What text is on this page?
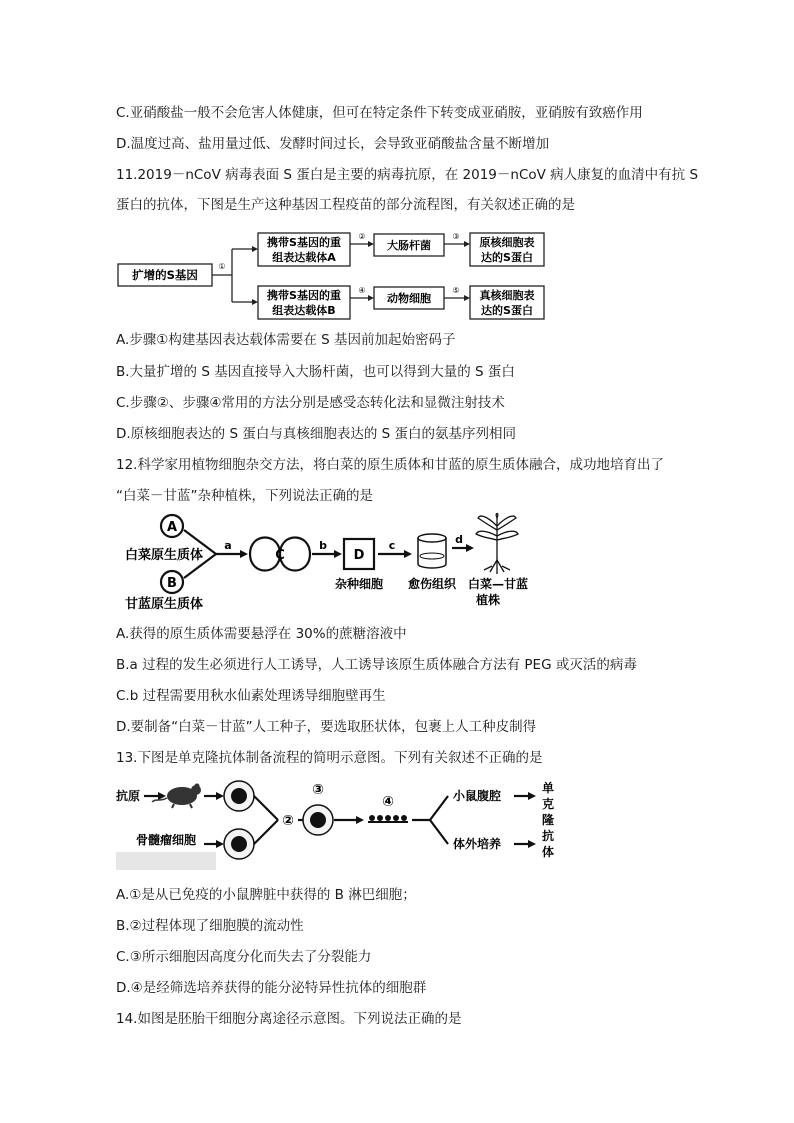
C.亚硝酸盐一般不会危害人体健康，但可在特定条件下转变成亚硝胺，亚硝胺有致癌作用
D.温度过高、盐用量过低、发酵时间过长，会导致亚硝酸盐含量不断增加
11.2019－nCoV 病毒表面 S 蛋白是主要的病毒抗原，在 2019－nCoV 病人康复的血清中有抗 S
蛋白的抗体，下图是生产这种基因工程疫苗的部分流程图，有关叙述正确的是
扩增的S基因
①
携带S基因的重
组表达载体A
携带S基因的重
组表达载体B
②
④
大肠杆菌
动物细胞
③
⑤
原核细胞表
达的S蛋白
真核细胞表
达的S蛋白
A.步骤①构建基因表达载体需要在 S 基因前加起始密码子
B.大量扩增的 S 基因直接导入大肠杆菌，也可以得到大量的 S 蛋白
C.步骤②、步骤④常用的方法分别是感受态转化法和显微注射技术
D.原核细胞表达的 S 蛋白与真核细胞表达的 S 蛋白的氨基序列相同
12.科学家用植物细胞杂交方法，将白菜的原生质体和甘蓝的原生质体融合，成功地培育出了
“白菜－甘蓝”杂种植株，下列说法正确的是
A
白菜原生质体
B
甘蓝原生质体
a
C
b
D
杂种细胞
c
愈伤组织
d
白菜—甘蓝
植株
A.获得的原生质体需要悬浮在 30%的蔗糖溶液中
B.a 过程的发生必须进行人工诱导，人工诱导该原生质体融合方法有 PEG 或灭活的病毒
C.b 过程需要用秋水仙素处理诱导细胞壁再生
D.要制备“白菜－甘蓝”人工种子，要选取胚状体，包裹上人工种皮制得
13.下图是单克隆抗体制备流程的简明示意图。下列有关叙述不正确的是
抗原
骨髓瘤细胞
②
③
④	小鼠腹腔
体外培养
单
克
隆
抗
体
A.①是从已免疫的小鼠脾脏中获得的 B 淋巴细胞；
B.②过程体现了细胞膜的流动性
C.③所示细胞因高度分化而失去了分裂能力
D.④是经筛选培养获得的能分泌特异性抗体的细胞群
14.如图是胚胎干细胞分离途径示意图。下列说法正确的是
